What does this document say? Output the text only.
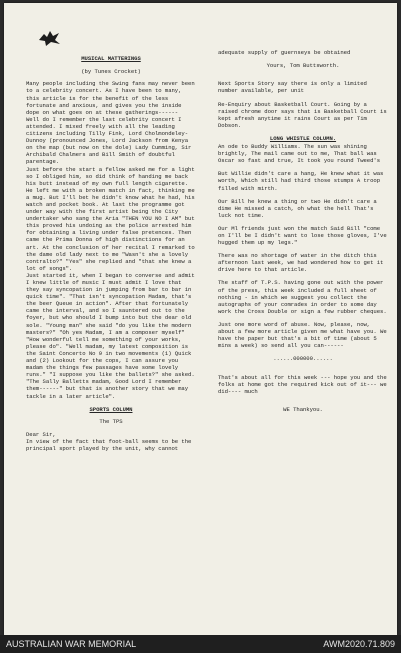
MUSICAL MATTERINGS

(by Tunes Crocket)

Many people including the Swing fans may never been to a celebrity concert. As I have been to many, this article is for the benefit of the less fortunate and anxious, and gives you the inside dope on what goes on at these gatherings------

Well do I remember the last celebrity concert I attended. I mixed freely with all the leading citizens including Tilly Fink, Lord Cholmondeley-Dunnoy (pronounced Jones, Lord Jackson from Kenya on the map (but now on the dole) Lady Cumming, Sir Archibald Chalmers and Bill Smith of doubtful parentage.

Just before the start a fellow asked me for a light so I obliged him, so did think of handing me back his butt instead of my own full length cigarette. He left me with a broken match in fact, thinking me a mug. But I'll bet he didn't know what he had, his watch and pocket book. At last the programme got under way with the first artist being the City undertaker who sang the Aria "THEN YOU NO I AM" but this proved his undoing as the police arrested him for obtaining a living under false pretences. Then came the Prima Donna of high distinctions for an art. At the conclusion of her recital I remarked to the dame old lady next to me "Wasn't she a lovely contralto?" "Yes" she replied and "that she knew a lot of songs".

Just started it, when I began to converse and admit I knew little of music I must admit I love that they say syncopation in jumping from bar to bar in quick time". "That isn't syncopation Madam, that's the beer Queue in action". After that fortunately came the interval, and so I sauntered out to the foyer, but who should I bump into but the dear old sole. "Young man" she said "do you like the modern masters?" "Oh yes Madam, I am a composer myself" "How wonderful tell me something of your works, please do". "Well madam, my latest composition is the Saint Concerto No 9 in two movements (1) Quick and (2) Lookout for the cops, I can assure you madam the things few passages have some lovely runs." "I suppose you like the ballets?" she asked. "The Sally Balletts madam, Good Lord I remember them------" but that is another story that we may tackle in a later article".

SPORTS COLUMN

The TPS

Dear Sir,

In view of the fact that foot-ball seems to be the principal sport played by the unit, why cannot

adequate supply of guernseys be obtained

Yours, Tom Buttsworth.

Next Sports Story say there is only a limited number available, per unit

Re-Enquiry about Basketball Court. Going by a raised chrome door says that is Basketball Court is kept afresh anytime it rains Court as per Tim Dobson.

LONG WHISTLE COLUMN.

An ode to Buddy Williams. The sun was shining brightly, The mail came out to me, That ball was Oscar so fast and true, It took you round Tweed's

But Willie didn't care a hang, He knew what it was worth, Which still had third those stumps A troop filled with mirth.

Our Bill he knew a thing or two He didn't care a dime He missed a catch, oh what the hell That's luck not time.

Our Ml friends just won the match Said Bill "come on I'll be I didn't want to lose those gloves, I've hugged them up my legs."

There was no shortage of water in the ditch this afternoon last week, we had wondered how to get it drive here to that article.

The staff of T.P.S. having gone out with the power of the press, this week included a full sheet of nothing - in which we suggest you collect the autographs of your comrades in order to some day work the Cross Double or sign a few rubber cheques.

Just one more word of abuse. Now, please, now, about a few more article given me what have you. We have the paper but that's a bit of time (about 5 mins a week) so send all you can------

......000000......

That's about all for this week --- hope you and the folks at home got the required kick out of it--- we did---- much

WE Thankyou.

AUSTRALIAN WAR MEMORIAL	AWM2020.71.809
